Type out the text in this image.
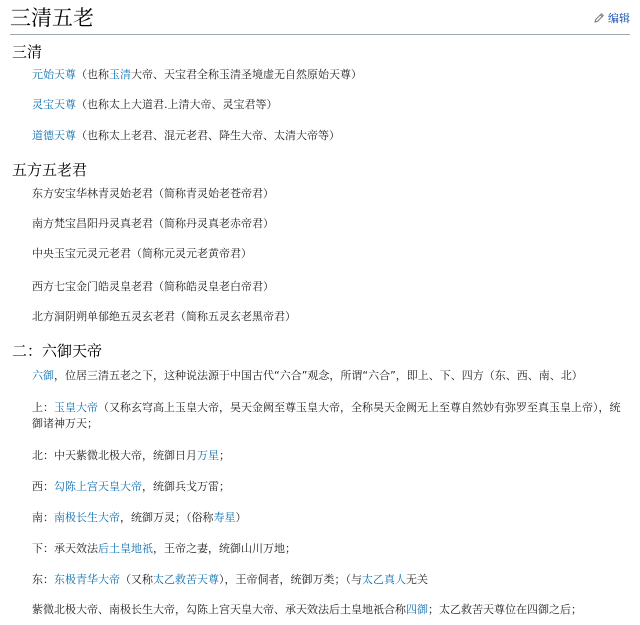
三清五老	编辑
三清
元始天尊（也称玉清大帝、天宝君全称玉清圣境虚无自然原始天尊）
灵宝天尊（也称太上大道君.上清大帝、灵宝君等）
道德天尊（也称太上老君、混元老君、降生大帝、太清大帝等）
五方五老君
东方安宝华林青灵始老君（简称青灵始老苍帝君）
南方梵宝昌阳丹灵真老君（简称丹灵真老赤帝君）
中央玉宝元灵元老君（简称元灵元老黄帝君）
西方七宝金门皓灵皇老君（简称皓灵皇老白帝君）
北方洞阴朔单郁绝五灵玄老君（简称五灵玄老黑帝君）
二：六御天帝
六御，位居三清五老之下，这种说法源于中国古代“六合”观念，所谓“六合”，即上、下、四方（东、西、南、北）
上：玉皇大帝（又称玄穹高上玉皇大帝，昊天金阙至尊玉皇大帝，全称昊天金阙无上至尊自然妙有弥罗至真玉皇上帝），统
御诸神万天；
北：中天紫微北极大帝，统御日月万星；
西：勾陈上宫天皇大帝，统御兵戈万雷；
南：南极长生大帝，统御万灵；（俗称寿星）
下：承天效法后土皇地祇，王帝之妻，统御山川万地；
东：东极青华大帝（又称太乙救苦天尊），王帝侗者，统御万类；（与太乙真人无关
紫微北极大帝、南极长生大帝，勾陈上宫天皇大帝、承天效法后土皇地祇合称四御；太乙救苦天尊位在四御之后；
